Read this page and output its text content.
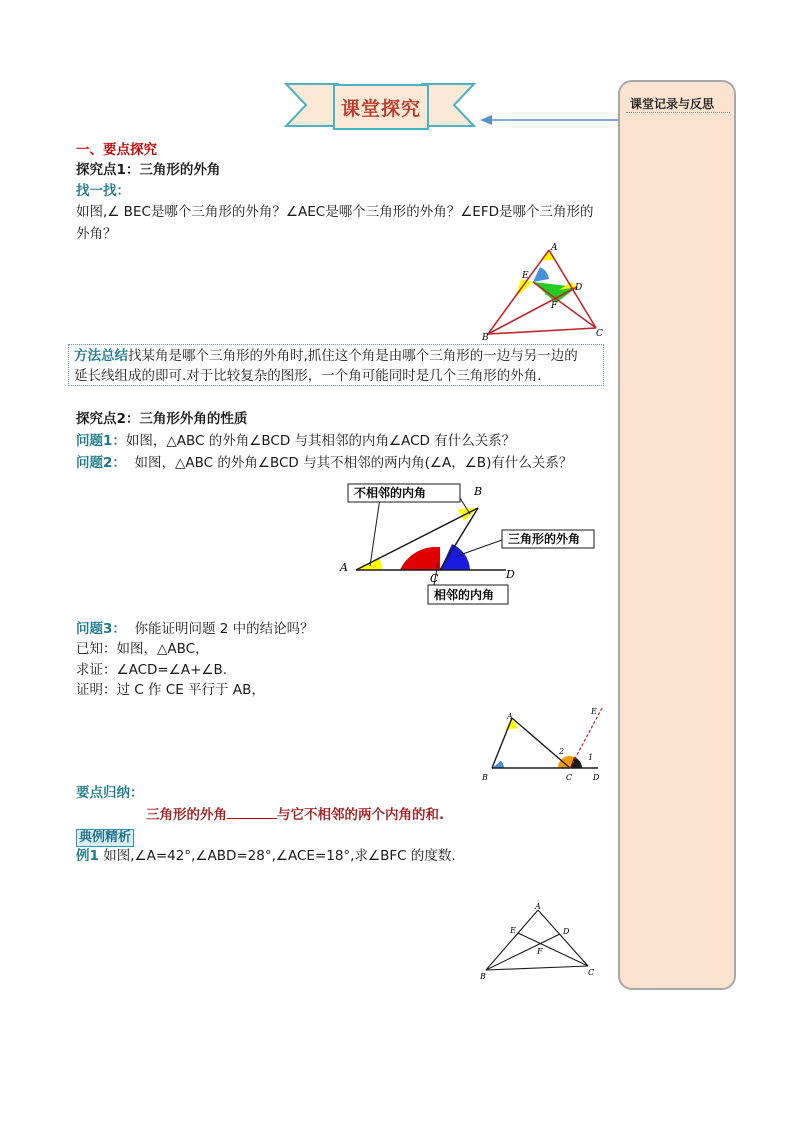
课堂探究	课堂记录与反思
一、要点探究
探究点1：三角形的外角
找一找：
如图,∠ BEC是哪个三角形的外角？∠AEC是哪个三角形的外角？∠EFD是哪个三角形的
外角？
A
E
D
F
B	C
方法总结找某角是哪个三角形的外角时,抓住这个角是由哪个三角形的一边与另一边的
延长线组成的即可.对于比较复杂的图形，一个角可能同时是几个三角形的外角.
探究点2：三角形外角的性质
问题1：如图，△ABC 的外角∠BCD 与其相邻的内角∠ACD 有什么关系？
问题2： 如图，△ABC 的外角∠BCD 与其不相邻的两内角(∠A，∠B)有什么关系？
不相邻的内角
三角形的外角
相邻的内角
A
B
C	D
问题3： 你能证明问题 2 中的结论吗？
已知：如图，△ABC，
求证：∠ACD=∠A+∠B.
证明：过 C 作 CE 平行于 AB，
A
E
2
1
B	C	D
要点归纳：
三角形的外角	与它不相邻的两个内角的和.
典例精析
例1 如图,∠A=42°,∠ABD=28°,∠ACE=18°,求∠BFC 的度数.
A
E	D
F
B	C
